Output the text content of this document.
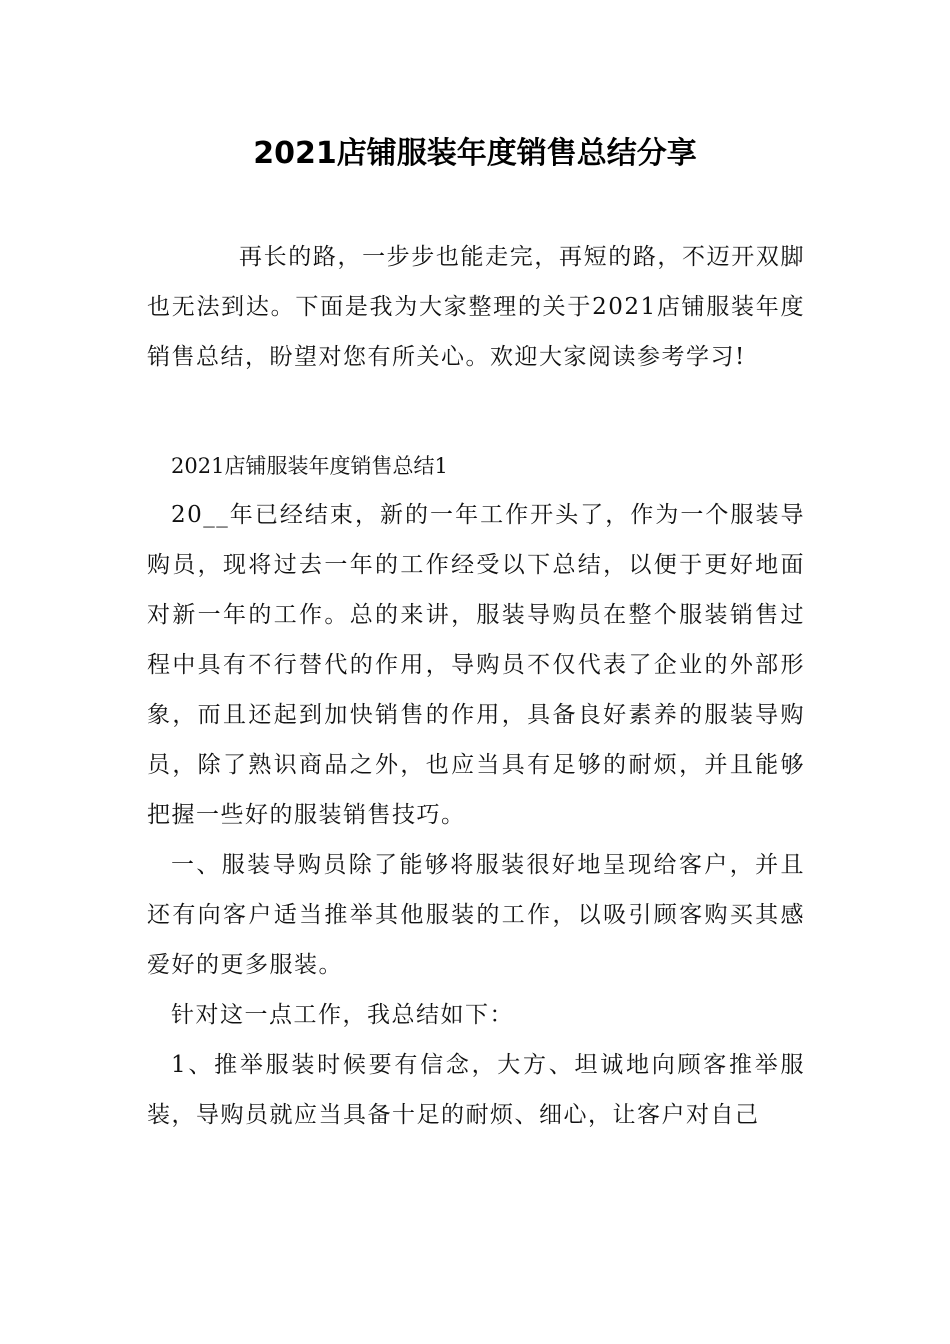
2021店铺服装年度销售总结分享

再长的路，一步步也能走完，再短的路，不迈开双脚也无法到达。下面是我为大家整理的关于2021店铺服装年度销售总结，盼望对您有所关心。欢迎大家阅读参考学习!

2021店铺服装年度销售总结1

20__年已经结束，新的一年工作开头了，作为一个服装导购员，现将过去一年的工作经受以下总结，以便于更好地面对新一年的工作。总的来讲，服装导购员在整个服装销售过程中具有不行替代的作用，导购员不仅代表了企业的外部形象，而且还起到加快销售的作用，具备良好素养的服装导购员，除了熟识商品之外，也应当具有足够的耐烦，并且能够把握一些好的服装销售技巧。

一、服装导购员除了能够将服装很好地呈现给客户，并且还有向客户适当推举其他服装的工作，以吸引顾客购买其感爱好的更多服装。

针对这一点工作，我总结如下：

1、推举服装时候要有信念，大方、坦诚地向顾客推举服装，导购员就应当具备十足的耐烦、细心，让客户对自己
